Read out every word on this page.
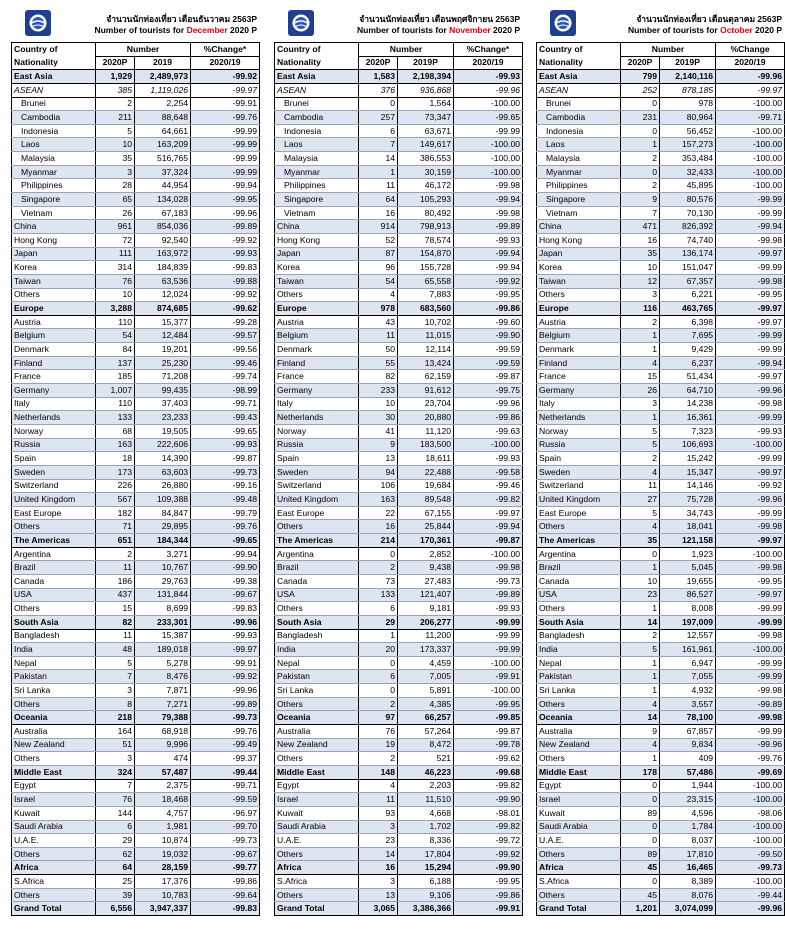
จำนวนนักท่องเที่ยว เดือนธันวาคม 2563P
Number of tourists for December 2020 P
Country of	Number		%Change*
Nationality	2020P	2019	2020/19
East Asia	1,929	2,489,973	-99.92
ASEAN	385	1,119,026	-99.97
Brunei	2	2,254	-99.91
Cambodia	211	88,648	-99.76
Indonesia	5	64,661	-99.99
Laos	10	163,209	-99.99
Malaysia	35	516,765	-99.99
Myanmar	3	37,324	-99.99
Philippines	28	44,954	-99.94
Singapore	65	134,028	-99.95
Vietnam	26	67,183	-99.96
China	961	854,036	-99.89
Hong Kong	72	92,540	-99.92
Japan	111	163,972	-99.93
Korea	314	184,839	-99.83
Taiwan	76	63,536	-99.88
Others	10	12,024	-99.92
Europe	3,288	874,685	-99.62
Austria	110	15,377	-99.28
Belgium	54	12,484	-99.57
Denmark	84	19,201	-99.56
Finland	137	25,230	-99.46
France	185	71,208	-99.74
Germany	1,007	99,435	-98.99
Italy	110	37,403	-99.71
Netherlands	133	23,233	-99.43
Norway	68	19,505	-99.65
Russia	163	222,606	-99.93
Spain	18	14,390	-99.87
Sweden	173	63,603	-99.73
Switzerland	226	26,880	-99.16
United Kingdom	567	109,388	-99.48
East Europe	182	84,847	-99.79
Others	71	29,895	-99.76
The Americas	651	184,344	-99.65
Argentina	2	3,271	-99.94
Brazil	11	10,767	-99.90
Canada	186	29,763	-99.38
USA	437	131,844	-99.67
Others	15	8,699	-99.83
South Asia	82	233,301	-99.96
Bangladesh	11	15,387	-99.93
India	48	189,018	-99.97
Nepal	5	5,278	-99.91
Pakistan	7	8,476	-99.92
Sri Lanka	3	7,871	-99.96
Others	8	7,271	-99.89
Oceania	218	79,388	-99.73
Australia	164	68,918	-99.76
New Zealand	51	9,996	-99.49
Others	3	474	-99.37
Middle East	324	57,487	-99.44
Egypt	7	2,375	-99.71
Israel	76	18,468	-99.59
Kuwait	144	4,757	-96.97
Saudi Arabia	6	1,981	-99.70
U.A.E.	29	10,874	-99.73
Others	62	19,032	-99.67
Africa	64	28,159	-99.77
S.Africa	25	17,376	-99.86
Others	39	10,783	-99.64
Grand Total	6,556	3,947,337	-99.83
จำนวนนักท่องเที่ยว เดือนพฤศจิกายน 2563P
Number of tourists for November 2020 P
Country of	Number		%Change*
Nationality	2020P	2019P	2020/19
East Asia	1,583	2,198,394	-99.93
ASEAN	376	936,868	-99.96
Brunei	0	1,564	-100.00
Cambodia	257	73,347	-99.65
Indonesia	6	63,671	-99.99
Laos	7	149,617	-100.00
Malaysia	14	386,553	-100.00
Myanmar	1	30,159	-100.00
Philippines	11	46,172	-99.98
Singapore	64	105,293	-99.94
Vietnam	16	80,492	-99.98
China	914	798,913	-99.89
Hong Kong	52	78,574	-99.93
Japan	87	154,870	-99.94
Korea	96	155,728	-99.94
Taiwan	54	65,558	-99.92
Others	4	7,883	-99.95
Europe	978	683,560	-99.86
Austria	43	10,702	-99.60
Belgium	11	11,015	-99.90
Denmark	50	12,114	-99.59
Finland	55	13,424	-99.59
France	82	62,159	-99.87
Germany	233	91,612	-99.75
Italy	10	23,704	-99.96
Netherlands	30	20,880	-99.86
Norway	41	11,120	-99.63
Russia	9	183,500	-100.00
Spain	13	18,611	-99.93
Sweden	94	22,488	-99.58
Switzerland	106	19,684	-99.46
United Kingdom	163	89,548	-99.82
East Europe	22	67,155	-99.97
Others	16	25,844	-99.94
The Americas	214	170,361	-99.87
Argentina	0	2,852	-100.00
Brazil	2	9,438	-99.98
Canada	73	27,483	-99.73
USA	133	121,407	-99.89
Others	6	9,181	-99.93
South Asia	29	206,277	-99.99
Bangladesh	1	11,200	-99.99
India	20	173,337	-99.99
Nepal	0	4,459	-100.00
Pakistan	6	7,005	-99.91
Sri Lanka	0	5,891	-100.00
Others	2	4,385	-99.95
Oceania	97	66,257	-99.85
Australia	76	57,264	-99.87
New Zealand	19	8,472	-99.78
Others	2	521	-99.62
Middle East	148	46,223	-99.68
Egypt	4	2,203	-99.82
Israel	11	11,510	-99.90
Kuwait	93	4,668	-98.01
Saudi Arabia	3	1,702	-99.82
U.A.E.	23	8,336	-99.72
Others	14	17,804	-99.92
Africa	16	15,294	-99.90
S.Africa	3	6,188	-99.95
Others	13	9,106	-99.86
Grand Total	3,065	3,386,366	-99.91
จำนวนนักท่องเที่ยว เดือนตุลาคม 2563P
Number of tourists for October 2020 P
Country of	Number		%Change
Nationality	2020P	2019P	2020/19
East Asia	799	2,140,116	-99.96
ASEAN	252	878,185	-99.97
Brunei	0	978	-100.00
Cambodia	231	80,964	-99.71
Indonesia	0	56,452	-100.00
Laos	1	157,273	-100.00
Malaysia	2	353,484	-100.00
Myanmar	0	32,433	-100.00
Philippines	2	45,895	-100.00
Singapore	9	80,576	-99.99
Vietnam	7	70,130	-99.99
China	471	826,392	-99.94
Hong Kong	16	74,740	-99.98
Japan	35	136,174	-99.97
Korea	10	151,047	-99.99
Taiwan	12	67,357	-99.98
Others	3	6,221	-99.95
Europe	116	463,765	-99.97
Austria	2	6,398	-99.97
Belgium	1	7,695	-99.99
Denmark	1	9,429	-99.99
Finland	4	6,237	-99.94
France	15	51,434	-99.97
Germany	26	64,710	-99.96
Italy	3	14,238	-99.98
Netherlands	1	16,361	-99.99
Norway	5	7,323	-99.93
Russia	5	106,693	-100.00
Spain	2	15,242	-99.99
Sweden	4	15,347	-99.97
Switzerland	11	14,146	-99.92
United Kingdom	27	75,728	-99.96
East Europe	5	34,743	-99.99
Others	4	18,041	-99.98
The Americas	35	121,158	-99.97
Argentina	0	1,923	-100.00
Brazil	1	5,045	-99.98
Canada	10	19,655	-99.95
USA	23	86,527	-99.97
Others	1	8,008	-99.99
South Asia	14	197,009	-99.99
Bangladesh	2	12,557	-99.98
India	5	161,961	-100.00
Nepal	1	6,947	-99.99
Pakistan	1	7,055	-99.99
Sri Lanka	1	4,932	-99.98
Others	4	3,557	-99.89
Oceania	14	78,100	-99.98
Australia	9	67,857	-99.99
New Zealand	4	9,834	-99.96
Others	1	409	-99.76
Middle East	178	57,486	-99.69
Egypt	0	1,944	-100.00
Israel	0	23,315	-100.00
Kuwait	89	4,596	-98.06
Saudi Arabia	0	1,784	-100.00
U.A.E.	0	8,037	-100.00
Others	89	17,810	-99.50
Africa	45	16,465	-99.73
S.Africa	0	8,389	-100.00
Others	45	8,076	-99.44
Grand Total	1,201	3,074,099	-99.96
